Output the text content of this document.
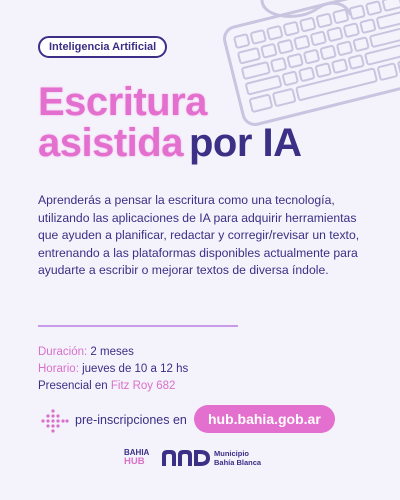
Inteligencia Artificial
Escritura
asistida por IA

Aprenderás a pensar la escritura como una tecnología, utilizando las aplicaciones de IA para adquirir herramientas que ayuden a planificar, redactar y corregir/revisar un texto, entrenando a las plataformas disponibles actualmente para ayudarte a escribir o mejorar textos de diversa índole.

Duración: 2 meses
Horario: jueves de 10 a 12 hs
Presencial en Fitz Roy 682
pre-inscripciones en	hub.bahia.gob.ar
BAHIA
HUB
Municipio
Bahía Blanca
